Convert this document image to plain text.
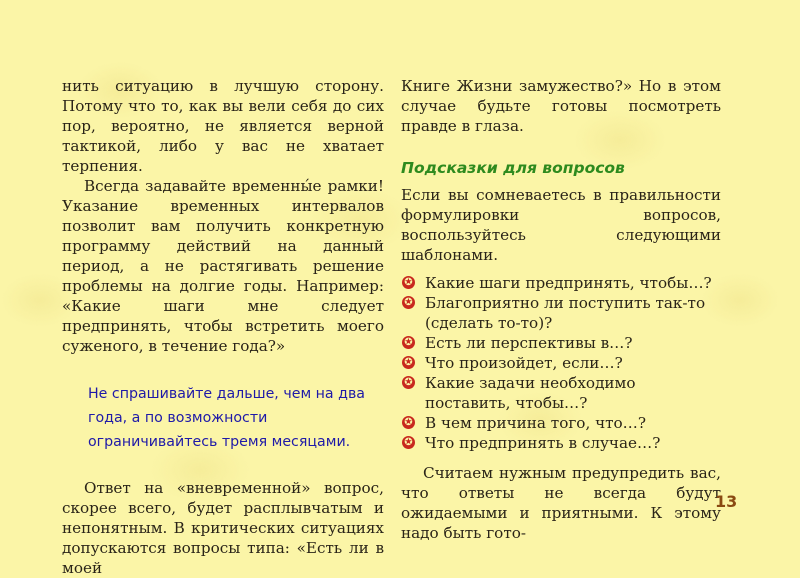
нить ситуацию в лучшую сторону. Потому что то, как вы вели себя до сих пор, вероятно, не является верной тактикой, либо у вас не хватает терпения.

Всегда задавайте временны́е рамки! Указание временных интервалов позволит вам получить конкретную программу действий на данный период, а не растягивать решение проблемы на долгие годы. Например: «Какие шаги мне следует предпринять, чтобы встретить моего суженого, в течение года?»

Не спрашивайте дальше, чем на два года, а по возможности ограничивайтесь тремя месяцами.

Ответ на «вневременной» вопрос, скорее всего, будет расплывчатым и непонятным. В критических ситуациях допускаются вопросы типа: «Есть ли в моей

Книге Жизни замужество?» Но в этом случае будьте готовы посмотреть правде в глаза.

Подсказки для вопросов

Если вы сомневаетесь в правильности формулировки вопросов, воспользуйтесь следующими шаблонами.

✪ Какие шаги предпринять, чтобы…?
✪ Благоприятно ли поступить так-то (сделать то-то)?
✪ Есть ли перспективы в…?
✪ Что произойдет, если…?
✪ Какие задачи необходимо поставить, чтобы…?
✪ В чем причина того, что…?
✪ Что предпринять в случае…?

Считаем нужным предупредить вас, что ответы не всегда будут ожидаемыми и приятными. К этому надо быть гото-

13
